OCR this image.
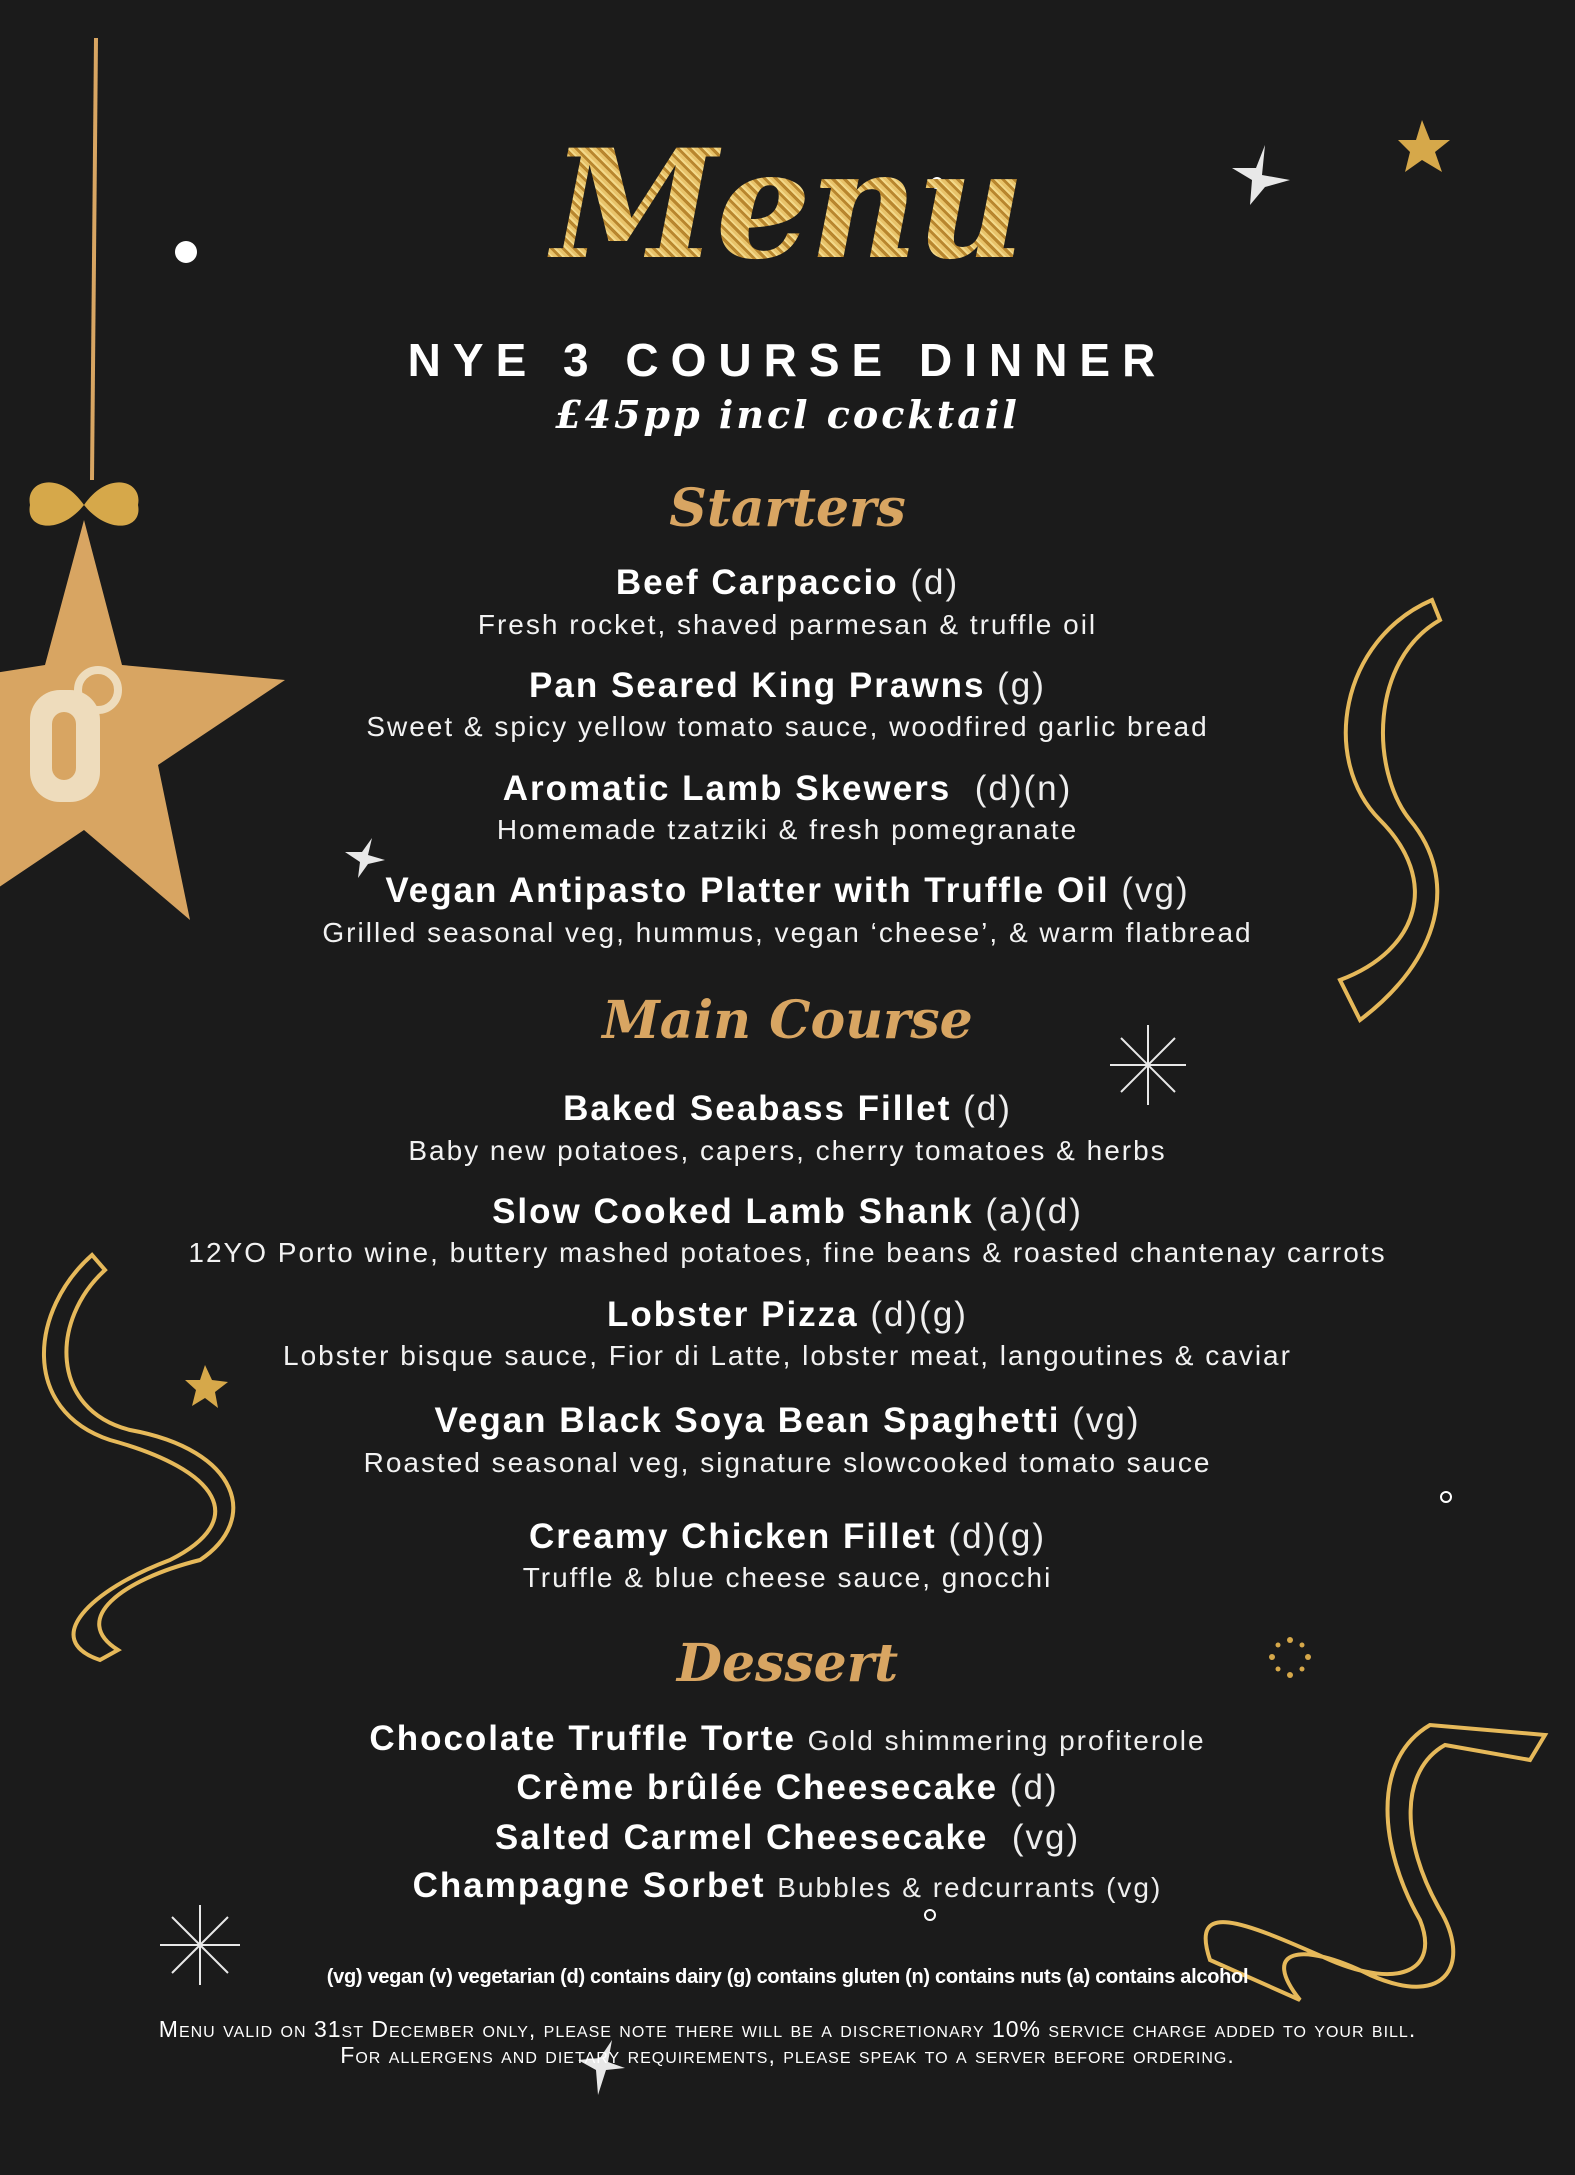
Menu
NYE 3 COURSE DINNER
£45pp incl cocktail
Starters
Beef Carpaccio (d)
Fresh rocket, shaved parmesan & truffle oil
Pan Seared King Prawns (g)
Sweet & spicy yellow tomato sauce, woodfired garlic bread
Aromatic Lamb Skewers (d)(n)
Homemade tzatziki & fresh pomegranate
Vegan Antipasto Platter with Truffle Oil (vg)
Grilled seasonal veg, hummus, vegan ‘cheese’, & warm flatbread
Main Course
Baked Seabass Fillet (d)
Baby new potatoes, capers, cherry tomatoes & herbs
Slow Cooked Lamb Shank (a)(d)
12YO Porto wine, buttery mashed potatoes, fine beans & roasted chantenay carrots
Lobster Pizza (d)(g)
Lobster bisque sauce, Fior di Latte, lobster meat, langoutines & caviar
Vegan Black Soya Bean Spaghetti (vg)
Roasted seasonal veg, signature slowcooked tomato sauce
Creamy Chicken Fillet (d)(g)
Truffle & blue cheese sauce, gnocchi
Dessert
Chocolate Truffle Torte Gold shimmering profiterole
Crème brûlée Cheesecake (d)
Salted Carmel Cheesecake (vg)
Champagne Sorbet Bubbles & redcurrants (vg)
(vg) vegan (v) vegetarian (d) contains dairy (g) contains gluten (n) contains nuts (a) contains alcohol
Menu valid on 31st December only, please note there will be a discretionary 10% service charge added to your bill.
For allergens and dietary requirements, please speak to a server before ordering.
